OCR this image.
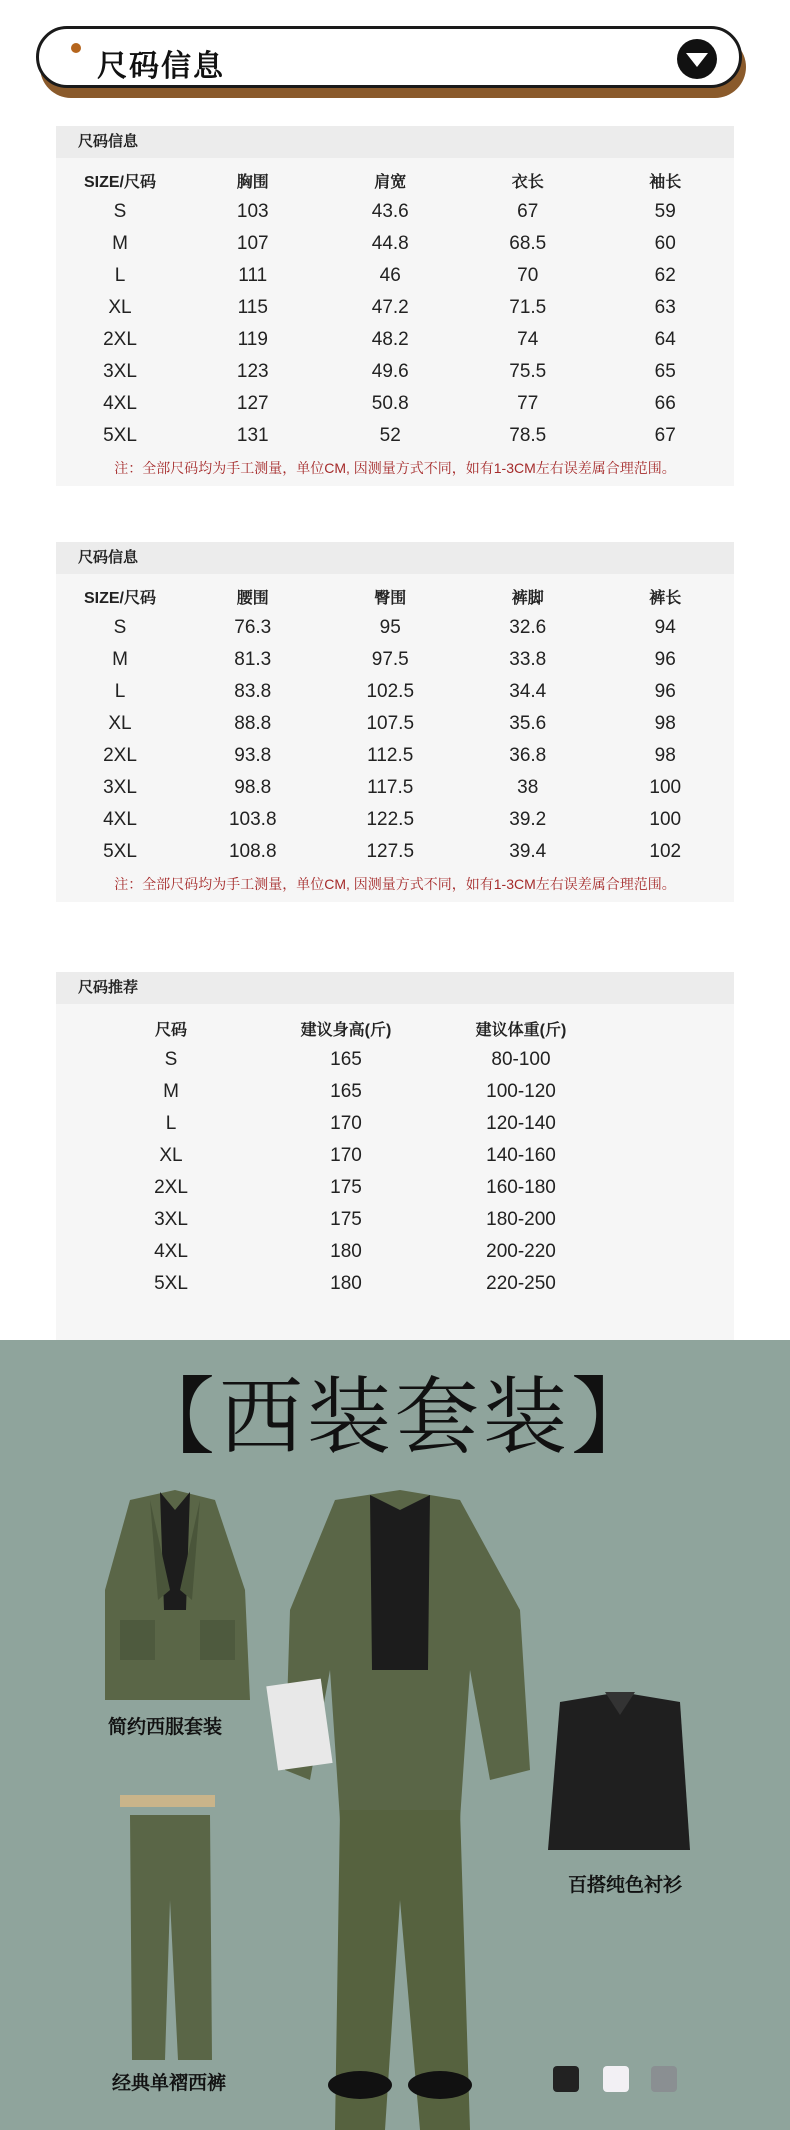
尺码信息
尺码信息
SIZE/尺码	胸围	肩宽	衣长	袖长
S	103	43.6	67	59
M	107	44.8	68.5	60
L	111	46	70	62
XL	115	47.2	71.5	63
2XL	119	48.2	74	64
3XL	123	49.6	75.5	65
4XL	127	50.8	77	66
5XL	131	52	78.5	67
注：全部尺码均为手工测量，单位CM, 因测量方式不同，如有1-3CM左右误差属合理范围。
尺码信息
SIZE/尺码	腰围	臀围	裤脚	裤长
S	76.3	95	32.6	94
M	81.3	97.5	33.8	96
L	83.8	102.5	34.4	96
XL	88.8	107.5	35.6	98
2XL	93.8	112.5	36.8	98
3XL	98.8	117.5	38	100
4XL	103.8	122.5	39.2	100
5XL	108.8	127.5	39.4	102
注：全部尺码均为手工测量，单位CM, 因测量方式不同，如有1-3CM左右误差属合理范围。
尺码推荐
尺码	建议身高(斤)	建议体重(斤)
S	165	80-100
M	165	100-120
L	170	120-140
XL	170	140-160
2XL	175	160-180
3XL	175	180-200
4XL	180	200-220
5XL	180	220-250
【西装套装】
简约西服套装
百搭纯色衬衫
经典单褶西裤
